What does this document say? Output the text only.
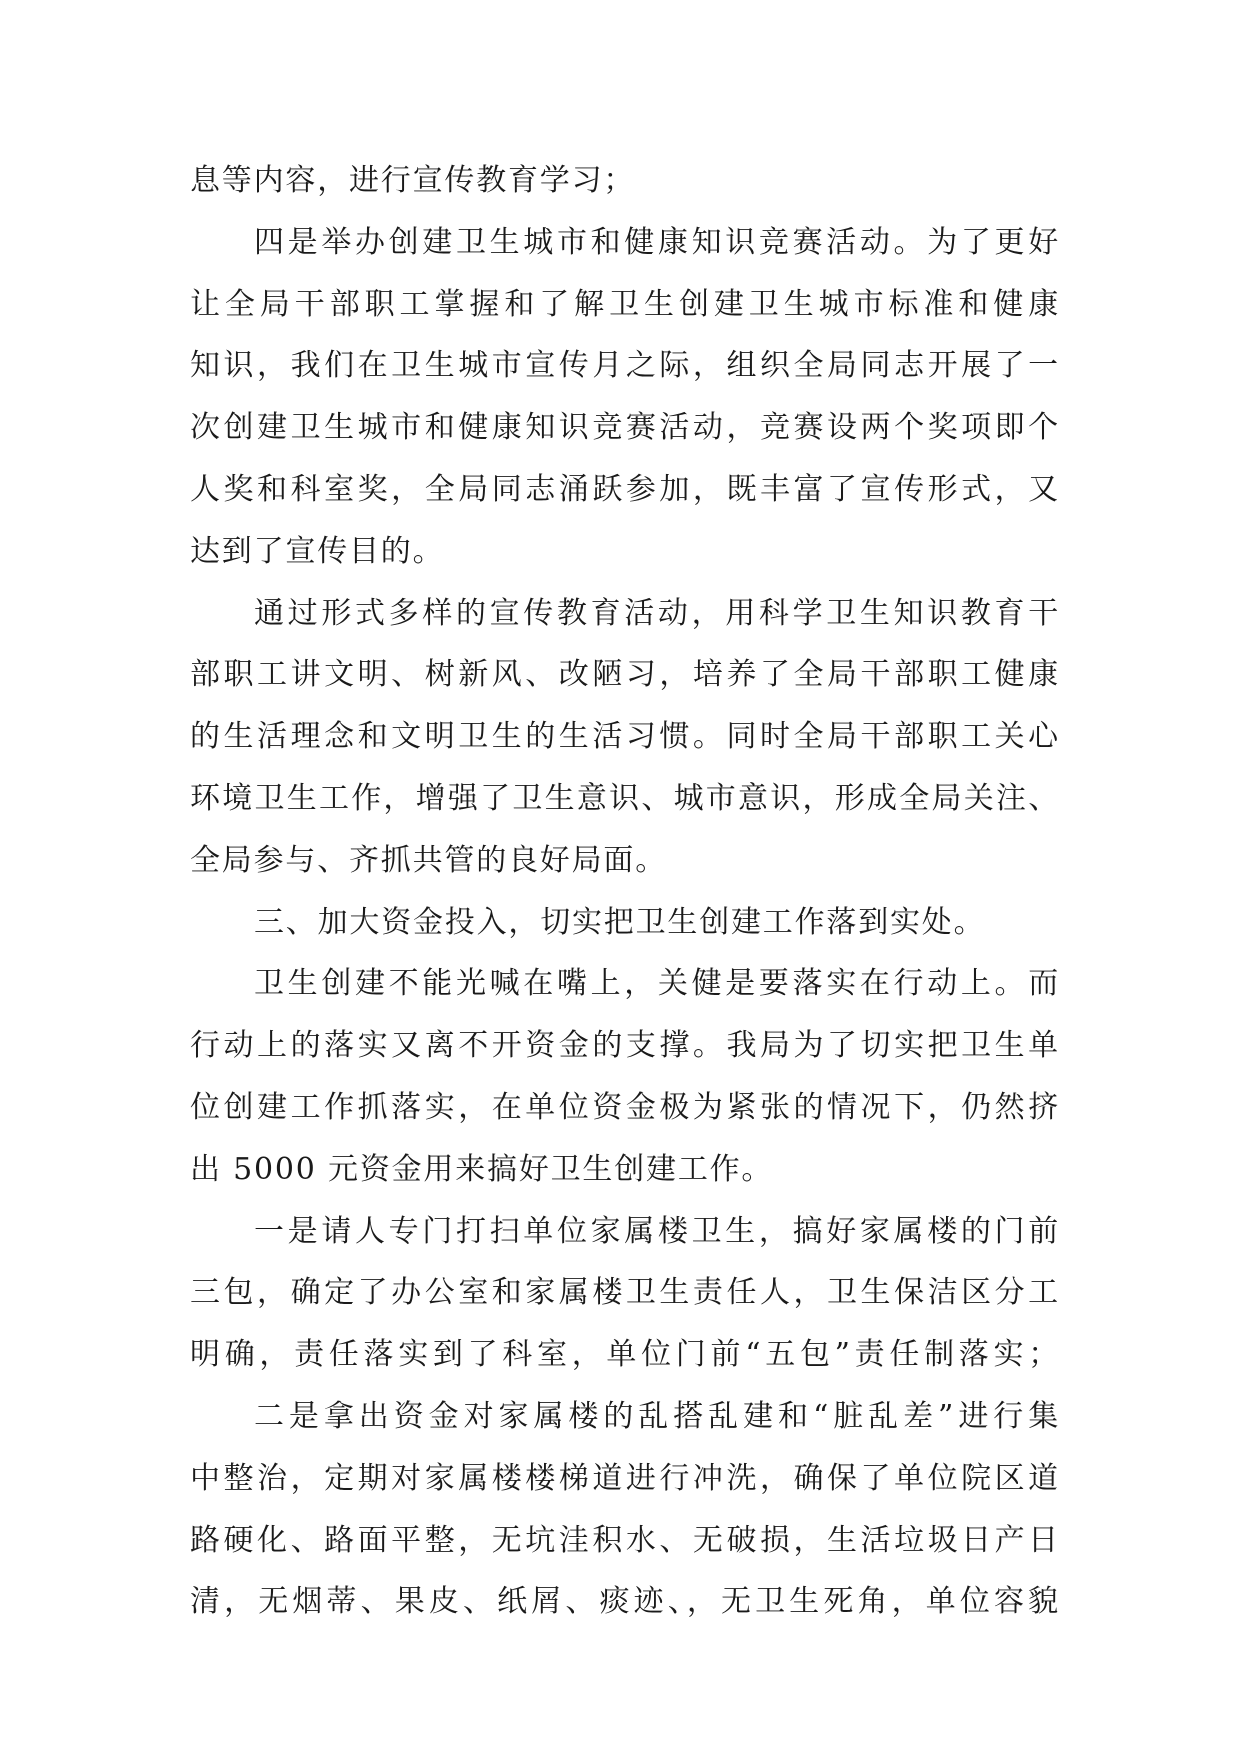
息等内容，进行宣传教育学习；
四是举办创建卫生城市和健康知识竞赛活动。为了更好
让全局干部职工掌握和了解卫生创建卫生城市标准和健康
知识，我们在卫生城市宣传月之际，组织全局同志开展了一
次创建卫生城市和健康知识竞赛活动，竞赛设两个奖项即个
人奖和科室奖，全局同志涌跃参加，既丰富了宣传形式，又
达到了宣传目的。
通过形式多样的宣传教育活动，用科学卫生知识教育干
部职工讲文明、树新风、改陋习，培养了全局干部职工健康
的生活理念和文明卫生的生活习惯。同时全局干部职工关心
环境卫生工作，增强了卫生意识、城市意识，形成全局关注、
全局参与、齐抓共管的良好局面。
三、加大资金投入，切实把卫生创建工作落到实处。
卫生创建不能光喊在嘴上，关健是要落实在行动上。而
行动上的落实又离不开资金的支撑。我局为了切实把卫生单
位创建工作抓落实，在单位资金极为紧张的情况下，仍然挤
出 5000 元资金用来搞好卫生创建工作。
一是请人专门打扫单位家属楼卫生，搞好家属楼的门前
三包，确定了办公室和家属楼卫生责任人，卫生保洁区分工
明确，责任落实到了科室，单位门前“五包”责任制落实；
二是拿出资金对家属楼的乱搭乱建和“脏乱差”进行集
中整治，定期对家属楼楼梯道进行冲洗，确保了单位院区道
路硬化、路面平整，无坑洼积水、无破损，生活垃圾日产日
清，无烟蒂、果皮、纸屑、痰迹、，无卫生死角，单位容貌
